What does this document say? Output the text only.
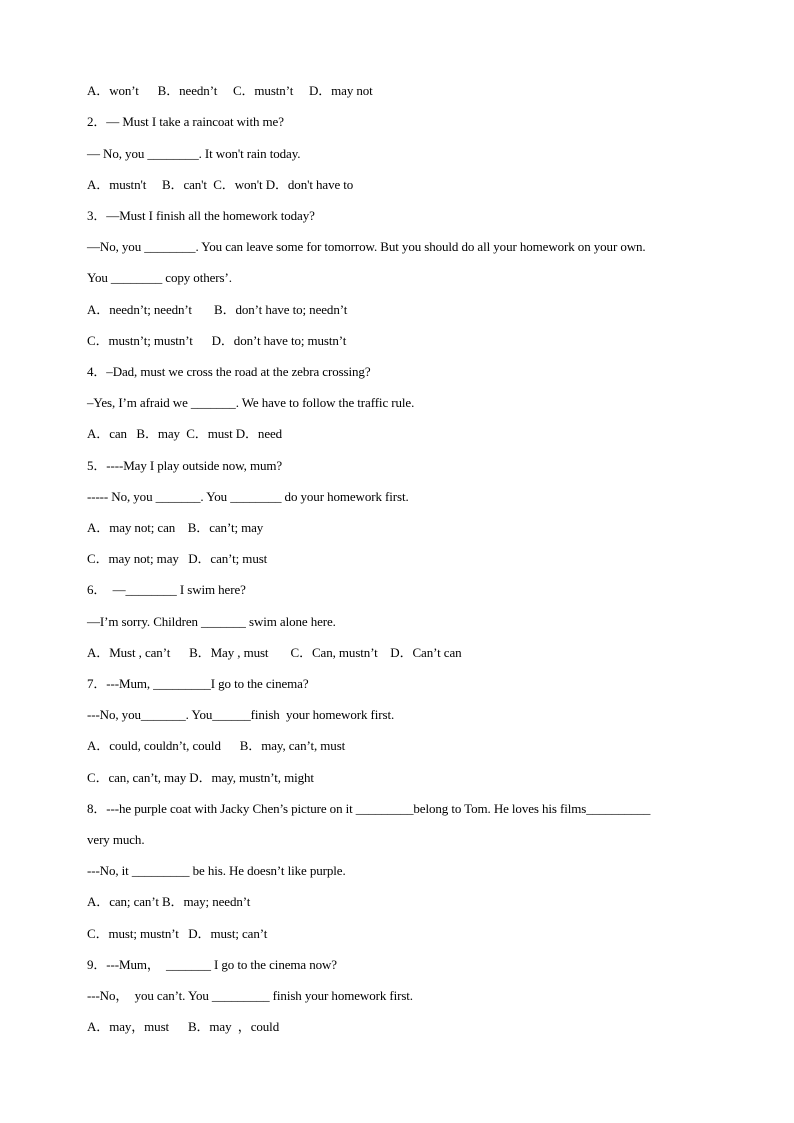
A．won’t      B．needn’t     C．mustn’t     D．may not
2．— Must I take a raincoat with me?
— No, you ________. It won't rain today.
A．mustn't     B．can't  C．won't D．don't have to
3．—Must I finish all the homework today?
—No, you ________. You can leave some for tomorrow. But you should do all your homework on your own.
You ________ copy others’.
A．needn’t; needn’t       B．don’t have to; needn’t
C．mustn’t; mustn’t      D．don’t have to; mustn’t
4．–Dad, must we cross the road at the zebra crossing?
–Yes, I’m afraid we _______. We have to follow the traffic rule.
A．can   B．may  C．must D．need
5．----May I play outside now, mum?
----- No, you _______. You ________ do your homework first.
A．may not; can    B．can’t; may
C．may not; may   D．can’t; must
6．  —________ I swim here?
—I’m sorry. Children _______ swim alone here.
A．Must , can’t      B．May , must       C．Can, mustn’t    D．Can’t can
7．---Mum, _________I go to the cinema?
---No, you_______. You______finish  your homework first.
A．could, couldn’t, could      B．may, can’t, must
C．can, can’t, may D．may, mustn’t, might
8．---he purple coat with Jacky Chen’s picture on it _________belong to Tom. He loves his films__________
very much.
---No, it _________ be his. He doesn’t like purple.
A．can; can’t B．may; needn’t
C．must; mustn’t   D．must; can’t
9．---Mum，  _______ I go to the cinema now?
---No，  you can’t. You _________ finish your homework first.
A．may，must      B．may  ，could
